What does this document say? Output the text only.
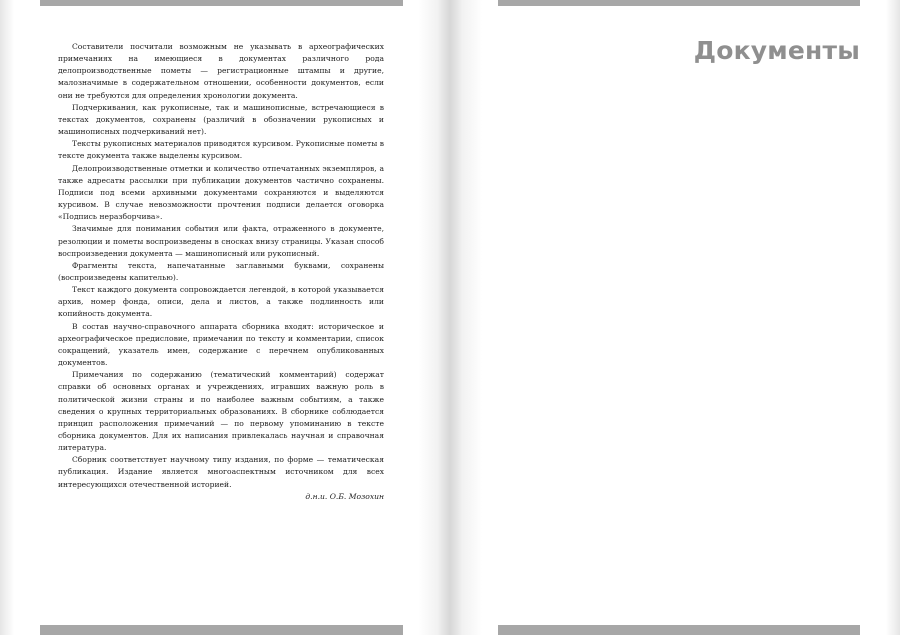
Составители посчитали возможным не указывать в археографических примечаниях на имеющиеся в документах различного рода делопроизводственные пометы — регистрационные штампы и другие, малозначимые в содержательном отношении, особенности документов, если они не требуются для определения хронологии документа.

Подчеркивания, как рукописные, так и машинописные, встречающиеся в текстах документов, сохранены (различий в обозначении рукописных и машинописных подчеркиваний нет).

Тексты рукописных материалов приводятся курсивом. Рукописные пометы в тексте документа также выделены курсивом.

Делопроизводственные отметки и количество отпечатанных экземпляров, а также адресаты рассылки при публикации документов частично сохранены. Подписи под всеми архивными документами сохраняются и выделяются курсивом. В случае невозможности прочтения подписи делается оговорка «Подпись неразборчива».

Значимые для понимания события или факта, отраженного в документе, резолюции и пометы воспроизведены в сносках внизу страницы. Указан способ воспроизведения документа — машинописный или рукописный.

Фрагменты текста, напечатанные заглавными буквами, сохранены (воспроизведены капителью).

Текст каждого документа сопровождается легендой, в которой указывается архив, номер фонда, описи, дела и листов, а также подлинность или копийность документа.

В состав научно-справочного аппарата сборника входят: историческое и археографическое предисловие, примечания по тексту и комментарии, список сокращений, указатель имен, содержание с перечнем опубликованных документов.

Примечания по содержанию (тематический комментарий) содержат справки об основных органах и учреждениях, игравших важную роль в политической жизни страны и по наиболее важным событиям, а также сведения о крупных территориальных образованиях. В сборнике соблюдается принцип расположения примечаний — по первому упоминанию в тексте сборника документов. Для их написания привлекалась научная и справочная литература.

Сборник соответствует научному типу издания, по форме — тематическая публикация. Издание является многоаспектным источником для всех интересующихся отечественной историей.

д.н.и. О.Б. Мозохин
Документы
